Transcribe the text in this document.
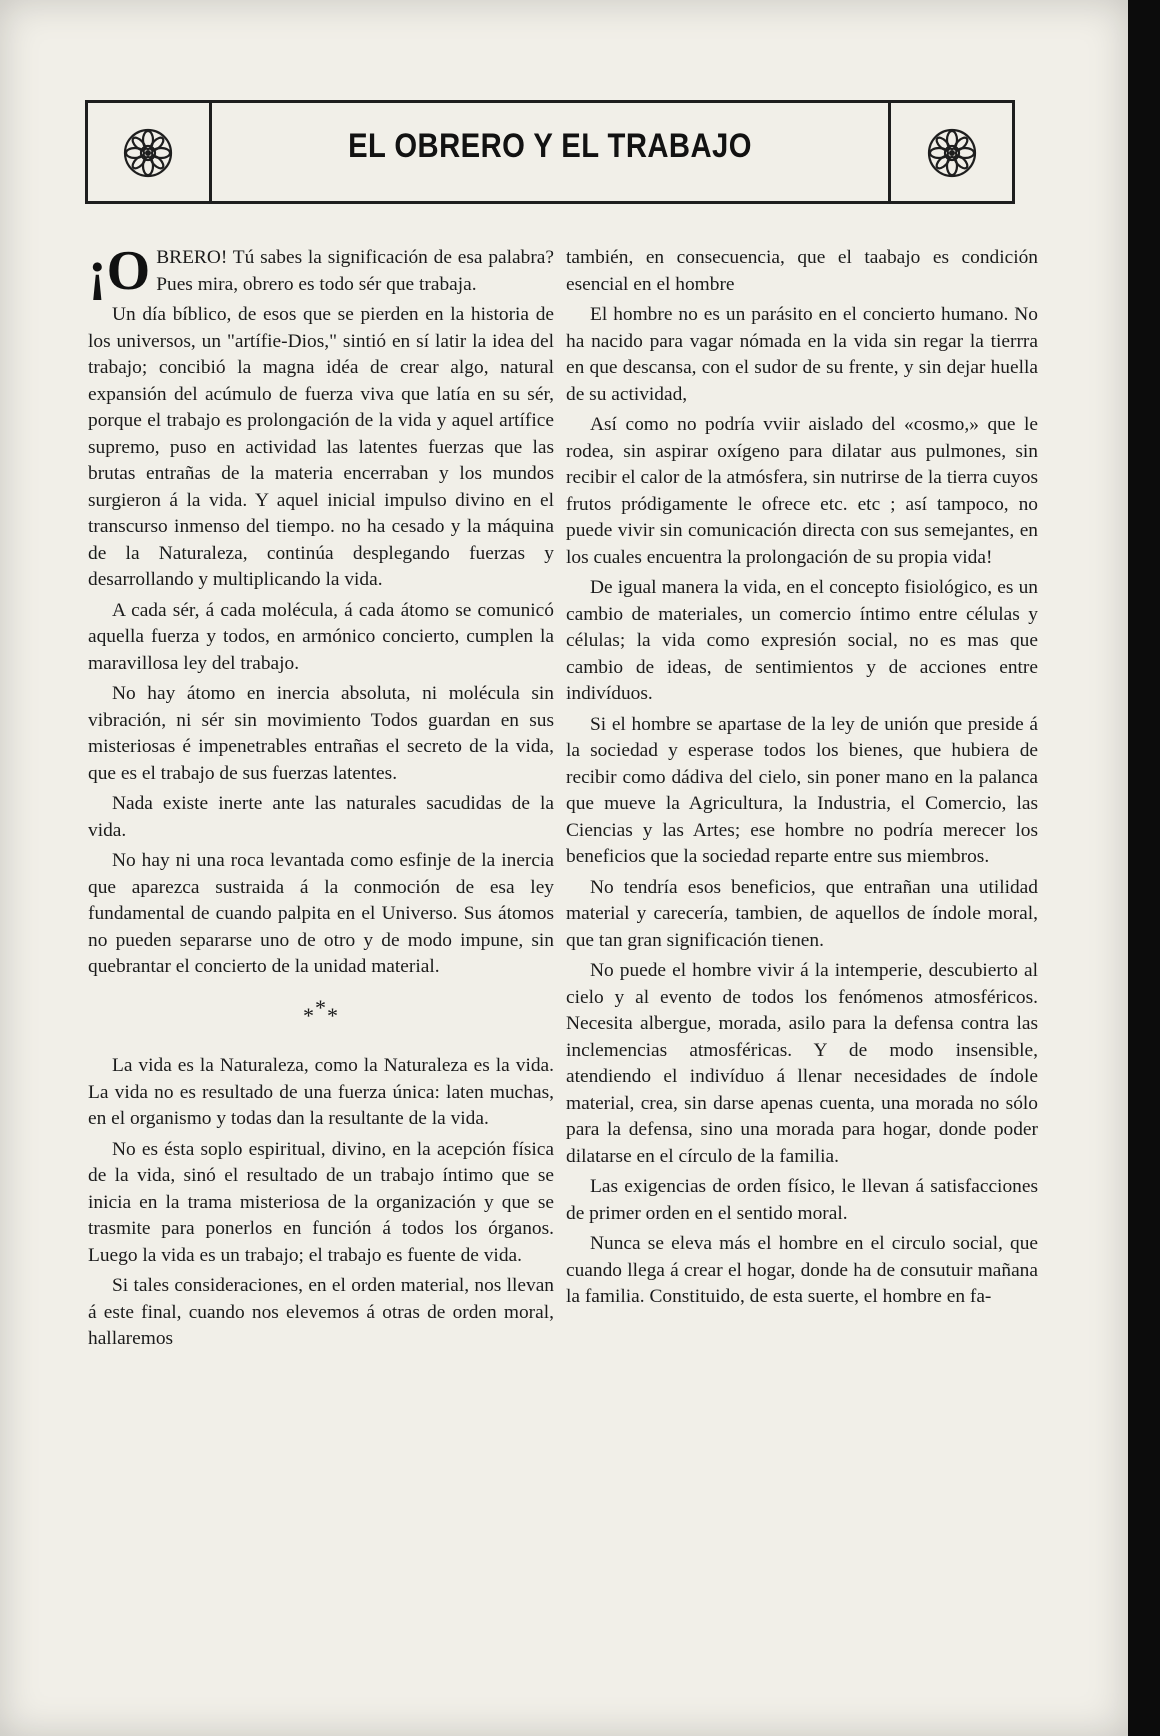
EL OBRERO Y EL TRABAJO

¡O BRERO! Tú sabes la significación de esa palabra? Pues mira, obrero es todo sér que trabaja.

Un día bíblico, de esos que se pierden en la historia de los universos, un "artífie-Dios," sintió en sí latir la idea del trabajo; concibió la magna idéa de crear algo, natural expansión del acúmulo de fuerza viva que latía en su sér, porque el trabajo es prolongación de la vida y aquel artífice supremo, puso en actividad las latentes fuerzas que las brutas entrañas de la materia encerraban y los mundos surgieron á la vida. Y aquel inicial impulso divino en el transcurso inmenso del tiempo. no ha cesado y la máquina de la Naturaleza, continúa desplegando fuerzas y desarrollando y multiplicando la vida.

A cada sér, á cada molécula, á cada átomo se comunicó aquella fuerza y todos, en armónico concierto, cumplen la maravillosa ley del trabajo.

No hay átomo en inercia absoluta, ni molécula sin vibración, ni sér sin movimiento Todos guardan en sus misteriosas é impenetrables entrañas el secreto de la vida, que es el trabajo de sus fuerzas latentes.

Nada existe inerte ante las naturales sacudidas de la vida.

No hay ni una roca levantada como esfinje de la inercia que aparezca sustraida á la conmoción de esa ley fundamental de cuando palpita en el Universo. Sus átomos no pueden separarse uno de otro y de modo impune, sin quebrantar el concierto de la unidad material.

***

La vida es la Naturaleza, como la Naturaleza es la vida. La vida no es resultado de una fuerza única: laten muchas, en el organismo y todas dan la resultante de la vida.

No es ésta soplo espiritual, divino, en la acepción física de la vida, sinó el resultado de un trabajo íntimo que se inicia en la trama misteriosa de la organización y que se trasmite para ponerlos en función á todos los órganos. Luego la vida es un trabajo; el trabajo es fuente de vida.

Si tales consideraciones, en el orden material, nos llevan á este final, cuando nos elevemos á otras de orden moral, hallaremos

también, en consecuencia, que el taabajo es condición esencial en el hombre

El hombre no es un parásito en el concierto humano. No ha nacido para vagar nómada en la vida sin regar la tierrra en que descansa, con el sudor de su frente, y sin dejar huella de su actividad,

Así como no podría vviir aislado del «cosmo,» que le rodea, sin aspirar oxígeno para dilatar aus pulmones, sin recibir el calor de la atmósfera, sin nutrirse de la tierra cuyos frutos pródigamente le ofrece etc. etc ; así tampoco, no puede vivir sin comunicación directa con sus semejantes, en los cuales encuentra la prolongación de su propia vida!

De igual manera la vida, en el concepto fisiológico, es un cambio de materiales, un comercio íntimo entre células y células; la vida como expresión social, no es mas que cambio de ideas, de sentimientos y de acciones entre indivíduos.

Si el hombre se apartase de la ley de unión que preside á la sociedad y esperase todos los bienes, que hubiera de recibir como dádiva del cielo, sin poner mano en la palanca que mueve la Agricultura, la Industria, el Comercio, las Ciencias y las Artes; ese hombre no podría merecer los beneficios que la sociedad reparte entre sus miembros.

No tendría esos beneficios, que entrañan una utilidad material y carecería, tambien, de aquellos de índole moral, que tan gran significación tienen.

No puede el hombre vivir á la intemperie, descubierto al cielo y al evento de todos los fenómenos atmosféricos. Necesita albergue, morada, asilo para la defensa contra las inclemencias atmosféricas. Y de modo insensible, atendiendo el indivíduo á llenar necesidades de índole material, crea, sin darse apenas cuenta, una morada no sólo para la defensa, sino una morada para hogar, donde poder dilatarse en el círculo de la familia.

Las exigencias de orden físico, le llevan á satisfacciones de primer orden en el sentido moral.

Nunca se eleva más el hombre en el circulo social, que cuando llega á crear el hogar, donde ha de consutuir mañana la familia. Constituido, de esta suerte, el hombre en fa-
